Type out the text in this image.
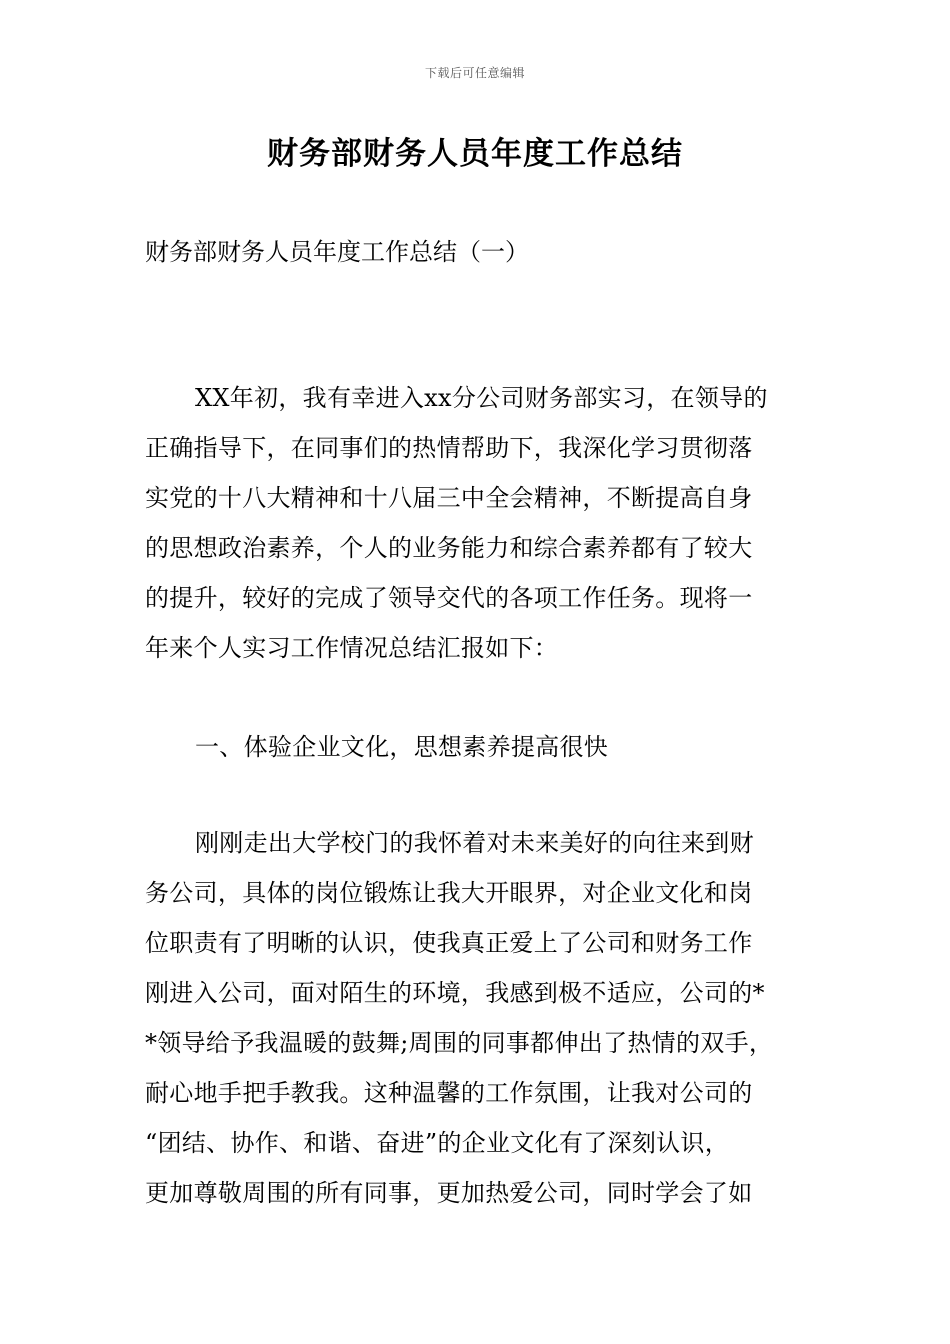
下载后可任意编辑
财务部财务人员年度工作总结
财务部财务人员年度工作总结（一）
XX年初，我有幸进入xx分公司财务部实习，在领导的
正确指导下，在同事们的热情帮助下，我深化学习贯彻落
实党的十八大精神和十八届三中全会精神，不断提高自身
的思想政治素养，个人的业务能力和综合素养都有了较大
的提升，较好的完成了领导交代的各项工作任务。现将一
年来个人实习工作情况总结汇报如下：
一、体验企业文化，思想素养提高很快
刚刚走出大学校门的我怀着对未来美好的向往来到财
务公司，具体的岗位锻炼让我大开眼界，对企业文化和岗
位职责有了明晰的认识，使我真正爱上了公司和财务工作
刚进入公司，面对陌生的环境，我感到极不适应，公司的*
*领导给予我温暖的鼓舞;周围的同事都伸出了热情的双手，
耐心地手把手教我。这种温馨的工作氛围，让我对公司的
“团结、协作、和谐、奋进”的企业文化有了深刻认识，
更加尊敬周围的所有同事，更加热爱公司，同时学会了如
